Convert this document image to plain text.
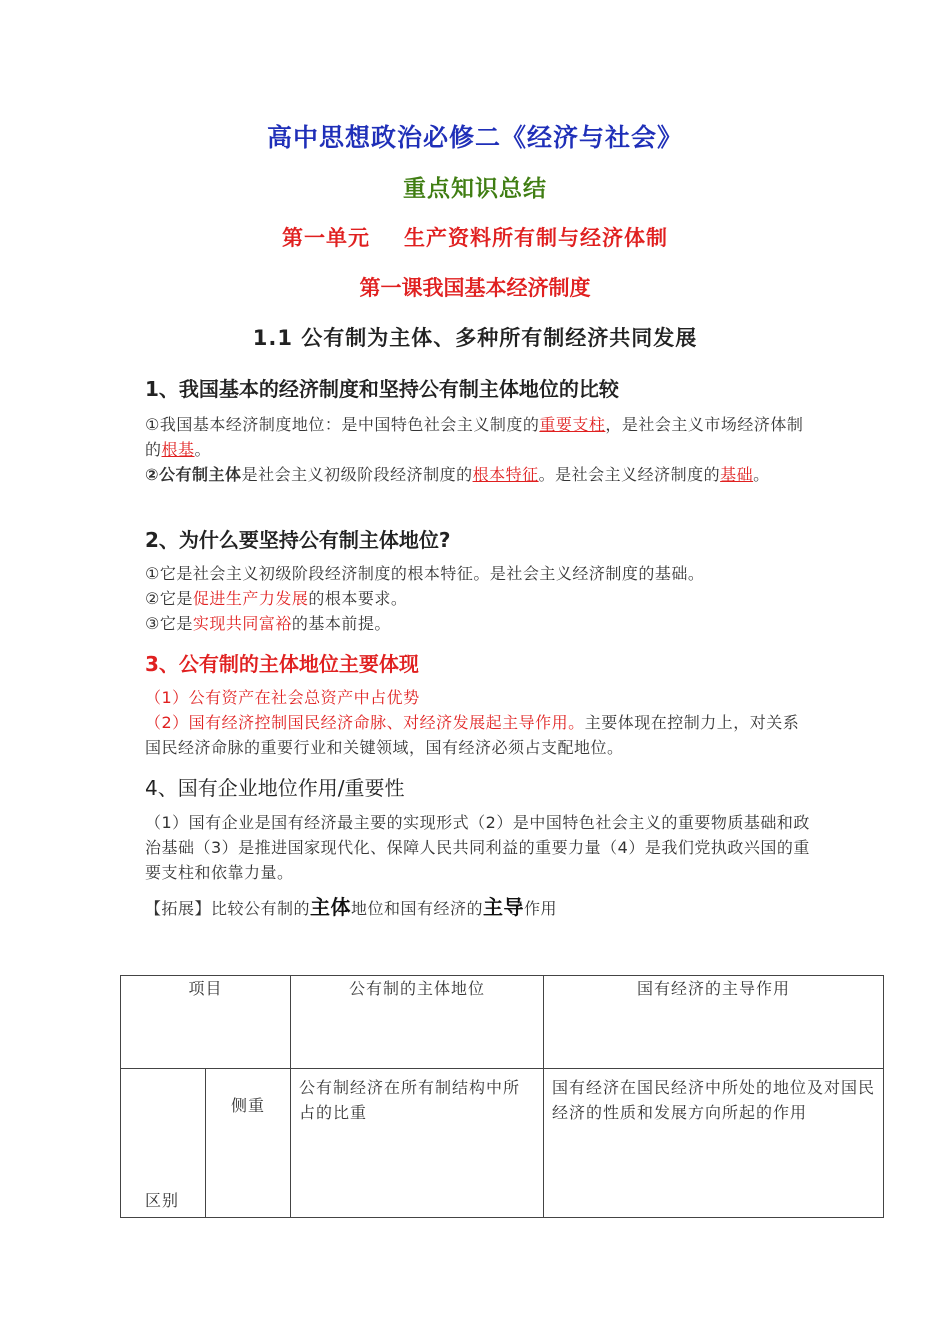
高中思想政治必修二《经济与社会》
重点知识总结
第一单元 生产资料所有制与经济体制
第一课我国基本经济制度
1.1 公有制为主体、多种所有制经济共同发展
1、我国基本的经济制度和坚持公有制主体地位的比较
①我国基本经济制度地位：是中国特色社会主义制度的重要支柱，是社会主义市场经济体制的根基。
②公有制主体是社会主义初级阶段经济制度的根本特征。是社会主义经济制度的基础。
2、为什么要坚持公有制主体地位?
①它是社会主义初级阶段经济制度的根本特征。是社会主义经济制度的基础。
②它是促进生产力发展的根本要求。
③它是实现共同富裕的基本前提。
3、公有制的主体地位主要体现
（1）公有资产在社会总资产中占优势
（2）国有经济控制国民经济命脉、对经济发展起主导作用。主要体现在控制力上，对关系国民经济命脉的重要行业和关键领域，国有经济必须占支配地位。
4、国有企业地位作用/重要性
（1）国有企业是国有经济最主要的实现形式（2）是中国特色社会主义的重要物质基础和政治基础（3）是推进国家现代化、保障人民共同利益的重要力量（4）是我们党执政兴国的重要支柱和依靠力量。
【拓展】比较公有制的主体地位和国有经济的主导作用
项目		公有制的主体地位	国有经济的主导作用
区别	侧重	公有制经济在所有制结构中所占的比重	国有经济在国民经济中所处的地位及对国民经济的性质和发展方向所起的作用
